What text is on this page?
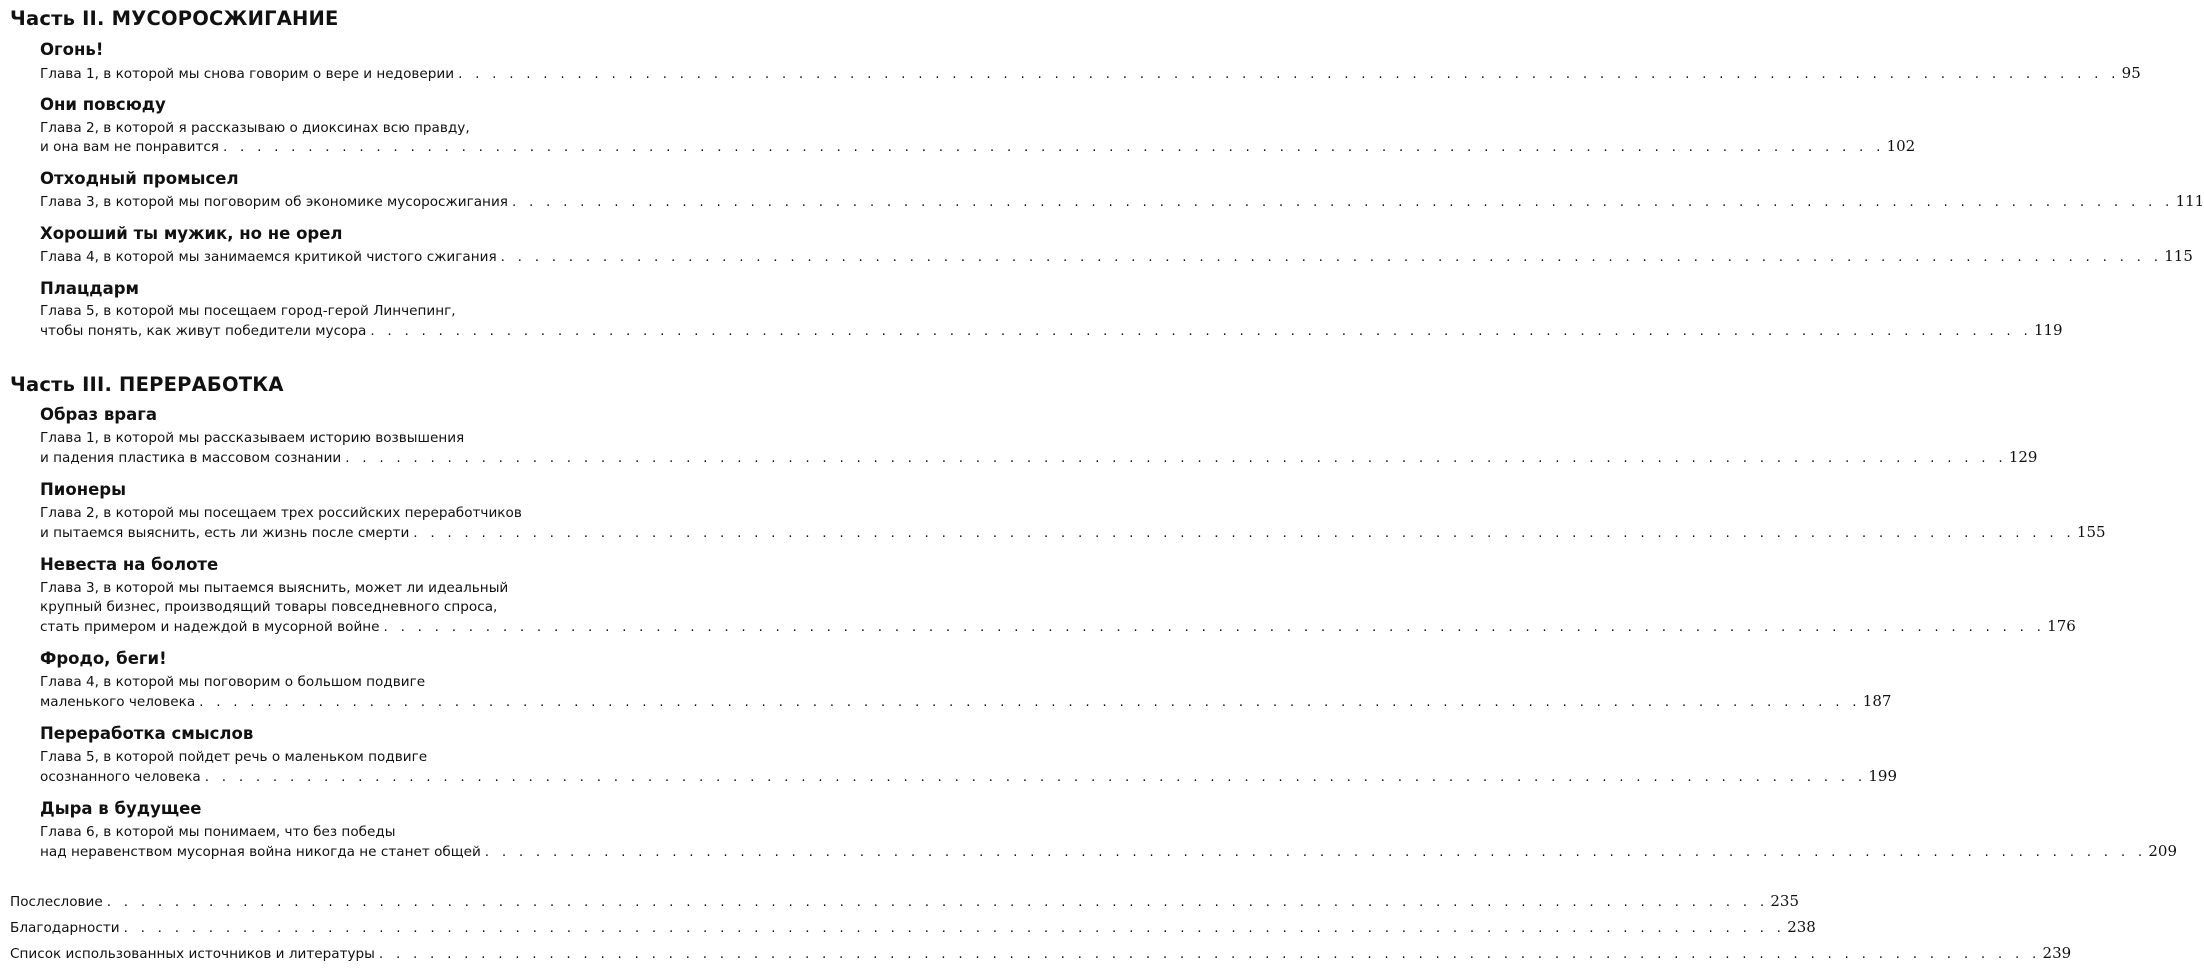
Часть II. МУСОРОСЖИГАНИЕ
Огонь!
Глава 1, в которой мы снова говорим о вере и недоверии . . . . . . . . . . . . . . . . . . . . . . . . . . . . . . . . . . . . . . . . . . . . . . . . . . . . . . . . . . . . . . . . . . . . . . . . . . . . . . . . . . . . . . . . . . . . . . . . . . 95
Они повсюду
Глава 2, в которой я рассказываю о диоксинах всю правду,
и она вам не понравится . . . . . . . . . . . . . . . . . . . . . . . . . . . . . . . . . . . . . . . . . . . . . . . . . . . . . . . . . . . . . . . . . . . . . . . . . . . . . . . . . . . . . . . . . . . . . . . . . . 102
Отходный промысел
Глава 3, в которой мы поговорим об экономике мусоросжигания . . . . . . . . . . . . . . . . . . . . . . . . . . . . . . . . . . . . . . . . . . . . . . . . . . . . . . . . . . . . . . . . . . . . . . . . . . . . . . . . . . . . . . . . . . . . . . . . . . 111
Хороший ты мужик, но не орел
Глава 4, в которой мы занимаемся критикой чистого сжигания . . . . . . . . . . . . . . . . . . . . . . . . . . . . . . . . . . . . . . . . . . . . . . . . . . . . . . . . . . . . . . . . . . . . . . . . . . . . . . . . . . . . . . . . . . . . . . . . . . 115
Плацдарм
Глава 5, в которой мы посещаем город-герой Линчепинг,
чтобы понять, как живут победители мусора . . . . . . . . . . . . . . . . . . . . . . . . . . . . . . . . . . . . . . . . . . . . . . . . . . . . . . . . . . . . . . . . . . . . . . . . . . . . . . . . . . . . . . . . . . . . . . . . . . 119
Часть III. ПЕРЕРАБОТКА
Образ врага
Глава 1, в которой мы рассказываем историю возвышения
и падения пластика в массовом сознании . . . . . . . . . . . . . . . . . . . . . . . . . . . . . . . . . . . . . . . . . . . . . . . . . . . . . . . . . . . . . . . . . . . . . . . . . . . . . . . . . . . . . . . . . . . . . . . . . . 129
Пионеры
Глава 2, в которой мы посещаем трех российских переработчиков
и пытаемся выяснить, есть ли жизнь после смерти . . . . . . . . . . . . . . . . . . . . . . . . . . . . . . . . . . . . . . . . . . . . . . . . . . . . . . . . . . . . . . . . . . . . . . . . . . . . . . . . . . . . . . . . . . . . . . . . . . 155
Невеста на болоте
Глава 3, в которой мы пытаемся выяснить, может ли идеальный
крупный бизнес, производящий товары повседневного спроса,
стать примером и надеждой в мусорной войне . . . . . . . . . . . . . . . . . . . . . . . . . . . . . . . . . . . . . . . . . . . . . . . . . . . . . . . . . . . . . . . . . . . . . . . . . . . . . . . . . . . . . . . . . . . . . . . . . . 176
Фродо, беги!
Глава 4, в которой мы поговорим о большом подвиге
маленького человека . . . . . . . . . . . . . . . . . . . . . . . . . . . . . . . . . . . . . . . . . . . . . . . . . . . . . . . . . . . . . . . . . . . . . . . . . . . . . . . . . . . . . . . . . . . . . . . . . . 187
Переработка смыслов
Глава 5, в которой пойдет речь о маленьком подвиге
осознанного человека . . . . . . . . . . . . . . . . . . . . . . . . . . . . . . . . . . . . . . . . . . . . . . . . . . . . . . . . . . . . . . . . . . . . . . . . . . . . . . . . . . . . . . . . . . . . . . . . . . 199
Дыра в будущее
Глава 6, в которой мы понимаем, что без победы
над неравенством мусорная война никогда не станет общей . . . . . . . . . . . . . . . . . . . . . . . . . . . . . . . . . . . . . . . . . . . . . . . . . . . . . . . . . . . . . . . . . . . . . . . . . . . . . . . . . . . . . . . . . . . . . . . . . . 209
Послесловие . . . . . . . . . . . . . . . . . . . . . . . . . . . . . . . . . . . . . . . . . . . . . . . . . . . . . . . . . . . . . . . . . . . . . . . . . . . . . . . . . . . . . . . . . . . . . . . . . . 235
Благодарности . . . . . . . . . . . . . . . . . . . . . . . . . . . . . . . . . . . . . . . . . . . . . . . . . . . . . . . . . . . . . . . . . . . . . . . . . . . . . . . . . . . . . . . . . . . . . . . . . . 238
Список использованных источников и литературы . . . . . . . . . . . . . . . . . . . . . . . . . . . . . . . . . . . . . . . . . . . . . . . . . . . . . . . . . . . . . . . . . . . . . . . . . . . . . . . . . . . . . . . . . . . . . . . . . . 239
